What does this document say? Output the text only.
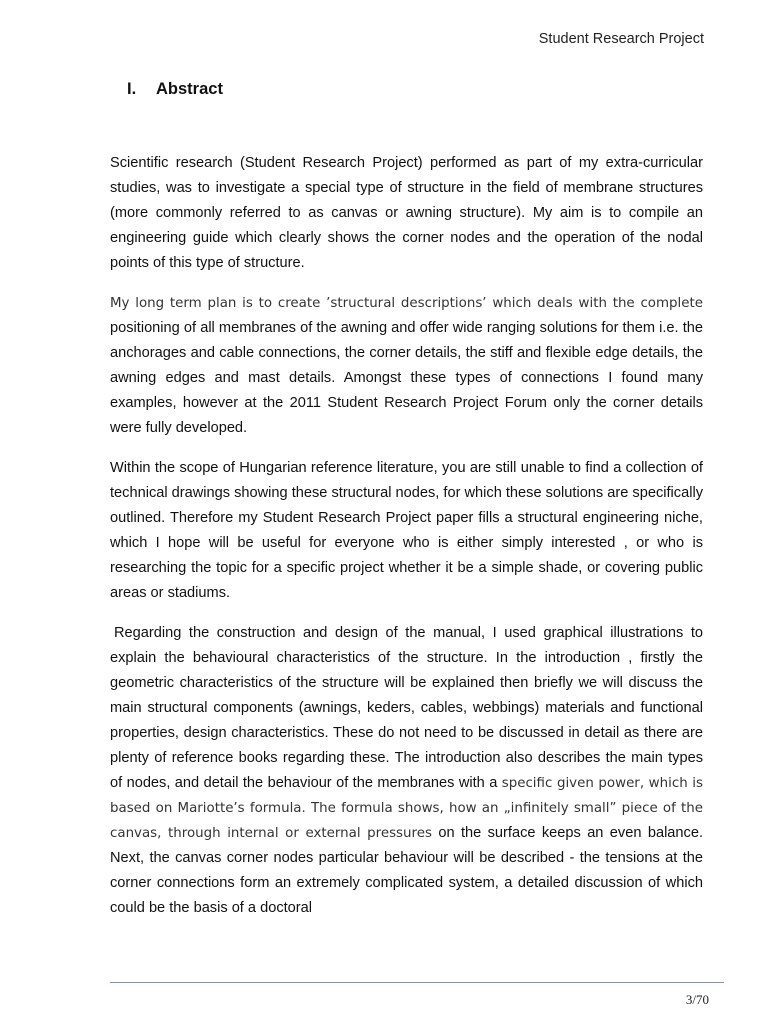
Student Research Project
I. Abstract

Scientific research (Student Research Project) performed as part of my extra-curricular studies, was to investigate a special type of structure in the field of membrane structures (more commonly referred to as canvas or awning structure). My aim is to compile an engineering guide which clearly shows the corner nodes and the operation of the nodal points of this type of structure.

My long term plan is to create ’structural descriptions’ which deals with the complete positioning of all membranes of the awning and offer wide ranging solutions for them i.e. the anchorages and cable connections, the corner details, the stiff and flexible edge details, the awning edges and mast details. Amongst these types of connections I found many examples, however at the 2011 Student Research Project Forum only the corner details were fully developed.

Within the scope of Hungarian reference literature, you are still unable to find a collection of technical drawings showing these structural nodes, for which these solutions are specifically outlined. Therefore my Student Research Project paper fills a structural engineering niche, which I hope will be useful for everyone who is either simply interested , or who is researching the topic for a specific project whether it be a simple shade, or covering public areas or stadiums.

Regarding the construction and design of the manual, I used graphical illustrations to explain the behavioural characteristics of the structure. In the introduction , firstly the geometric characteristics of the structure will be explained then briefly we will discuss the main structural components (awnings, keders, cables, webbings) materials and functional properties, design characteristics. These do not need to be discussed in detail as there are plenty of reference books regarding these. The introduction also describes the main types of nodes, and detail the behaviour of the membranes with a specific given power, which is based on Mariotte’s formula. The formula shows, how an „infinitely small” piece of the canvas, through internal or external pressures on the surface keeps an even balance. Next, the canvas corner nodes particular behaviour will be described - the tensions at the corner connections form an extremely complicated system, a detailed discussion of which could be the basis of a doctoral

3/70
